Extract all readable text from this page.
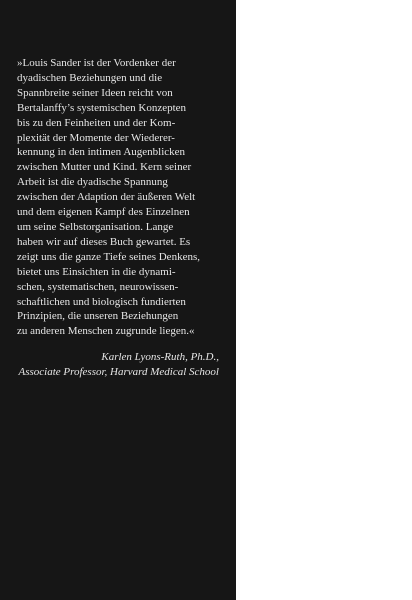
»Louis Sander ist der Vordenker der
dyadischen Beziehungen und die
Spannbreite seiner Ideen reicht von
Bertalanffy’s systemischen Konzepten
bis zu den Feinheiten und der Kom-
plexität der Momente der Wiederer-
kennung in den intimen Augenblicken
zwischen Mutter und Kind. Kern seiner
Arbeit ist die dyadische Spannung
zwischen der Adaption der äußeren Welt
und dem eigenen Kampf des Einzelnen
um seine Selbstorganisation. Lange
haben wir auf dieses Buch gewartet. Es
zeigt uns die ganze Tiefe seines Denkens,
bietet uns Einsichten in die dynami-
schen, systematischen, neurowissen-
schaftlichen und biologisch fundierten
Prinzipien, die unseren Beziehungen
zu anderen Menschen zugrunde liegen.«

Karlen Lyons-Ruth, Ph.D.,
Associate Professor, Harvard Medical School
